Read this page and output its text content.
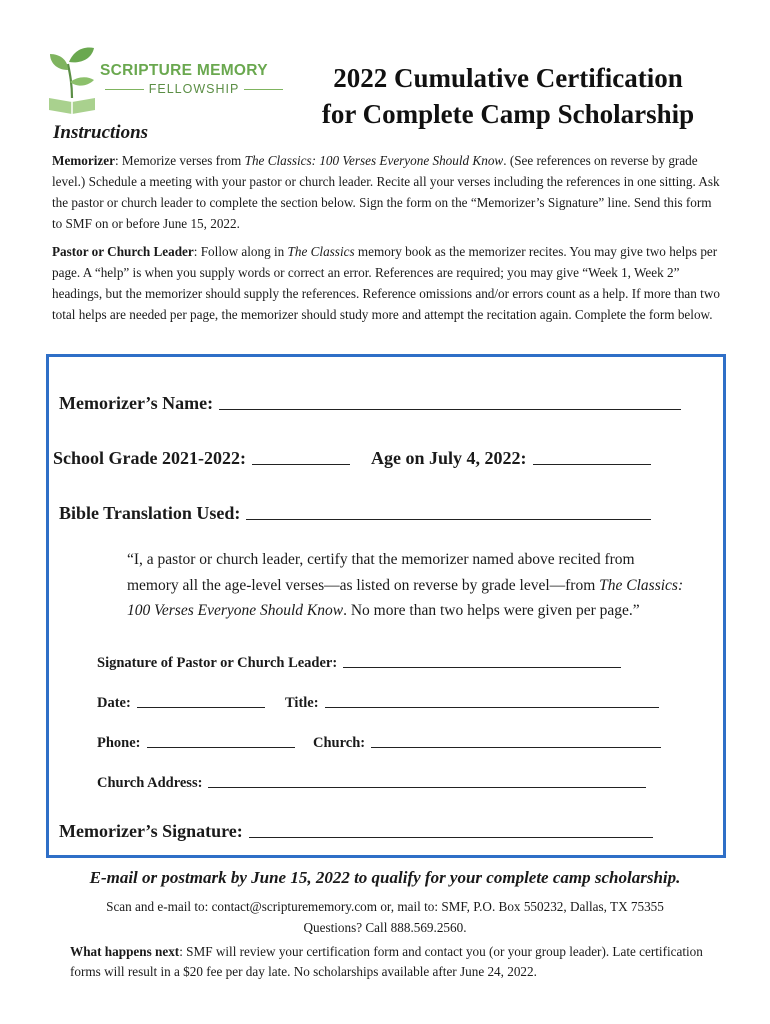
SCRIPTURE MEMORY
FELLOWSHIP	2022 Cumulative Certification
for Complete Camp Scholarship
Instructions
Memorizer: Memorize verses from The Classics: 100 Verses Everyone Should Know. (See references on reverse by grade level.) Schedule a meeting with your pastor or church leader. Recite all your verses including the references in one sitting. Ask the pastor or church leader to complete the section below. Sign the form on the “Memorizer’s Signature” line. Send this form to SMF on or before June 15, 2022.
Pastor or Church Leader: Follow along in The Classics memory book as the memorizer recites. You may give two helps per page. A “help” is when you supply words or correct an error. References are required; you may give “Week 1, Week 2” headings, but the memorizer should supply the references. Reference omissions and/or errors count as a help. If more than two total helps are needed per page, the memorizer should study more and attempt the recitation again. Complete the form below.
Memorizer’s Name:
School Grade 2021-2022:	Age on July 4, 2022:
Bible Translation Used:
“I, a pastor or church leader, certify that the memorizer named above recited from memory all the age-level verses—as listed on reverse by grade level—from The Classics: 100 Verses Everyone Should Know. No more than two helps were given per page.”
Signature of Pastor or Church Leader:
Date:	Title:
Phone:	Church:
Church Address:
Memorizer’s Signature:
E-mail or postmark by June 15, 2022 to qualify for your complete camp scholarship.
Scan and e-mail to: contact@scripturememory.com or, mail to: SMF, P.O. Box 550232, Dallas, TX 75355
Questions? Call 888.569.2560.
What happens next: SMF will review your certification form and contact you (or your group leader). Late certification forms will result in a $20 fee per day late. No scholarships available after June 24, 2022.
